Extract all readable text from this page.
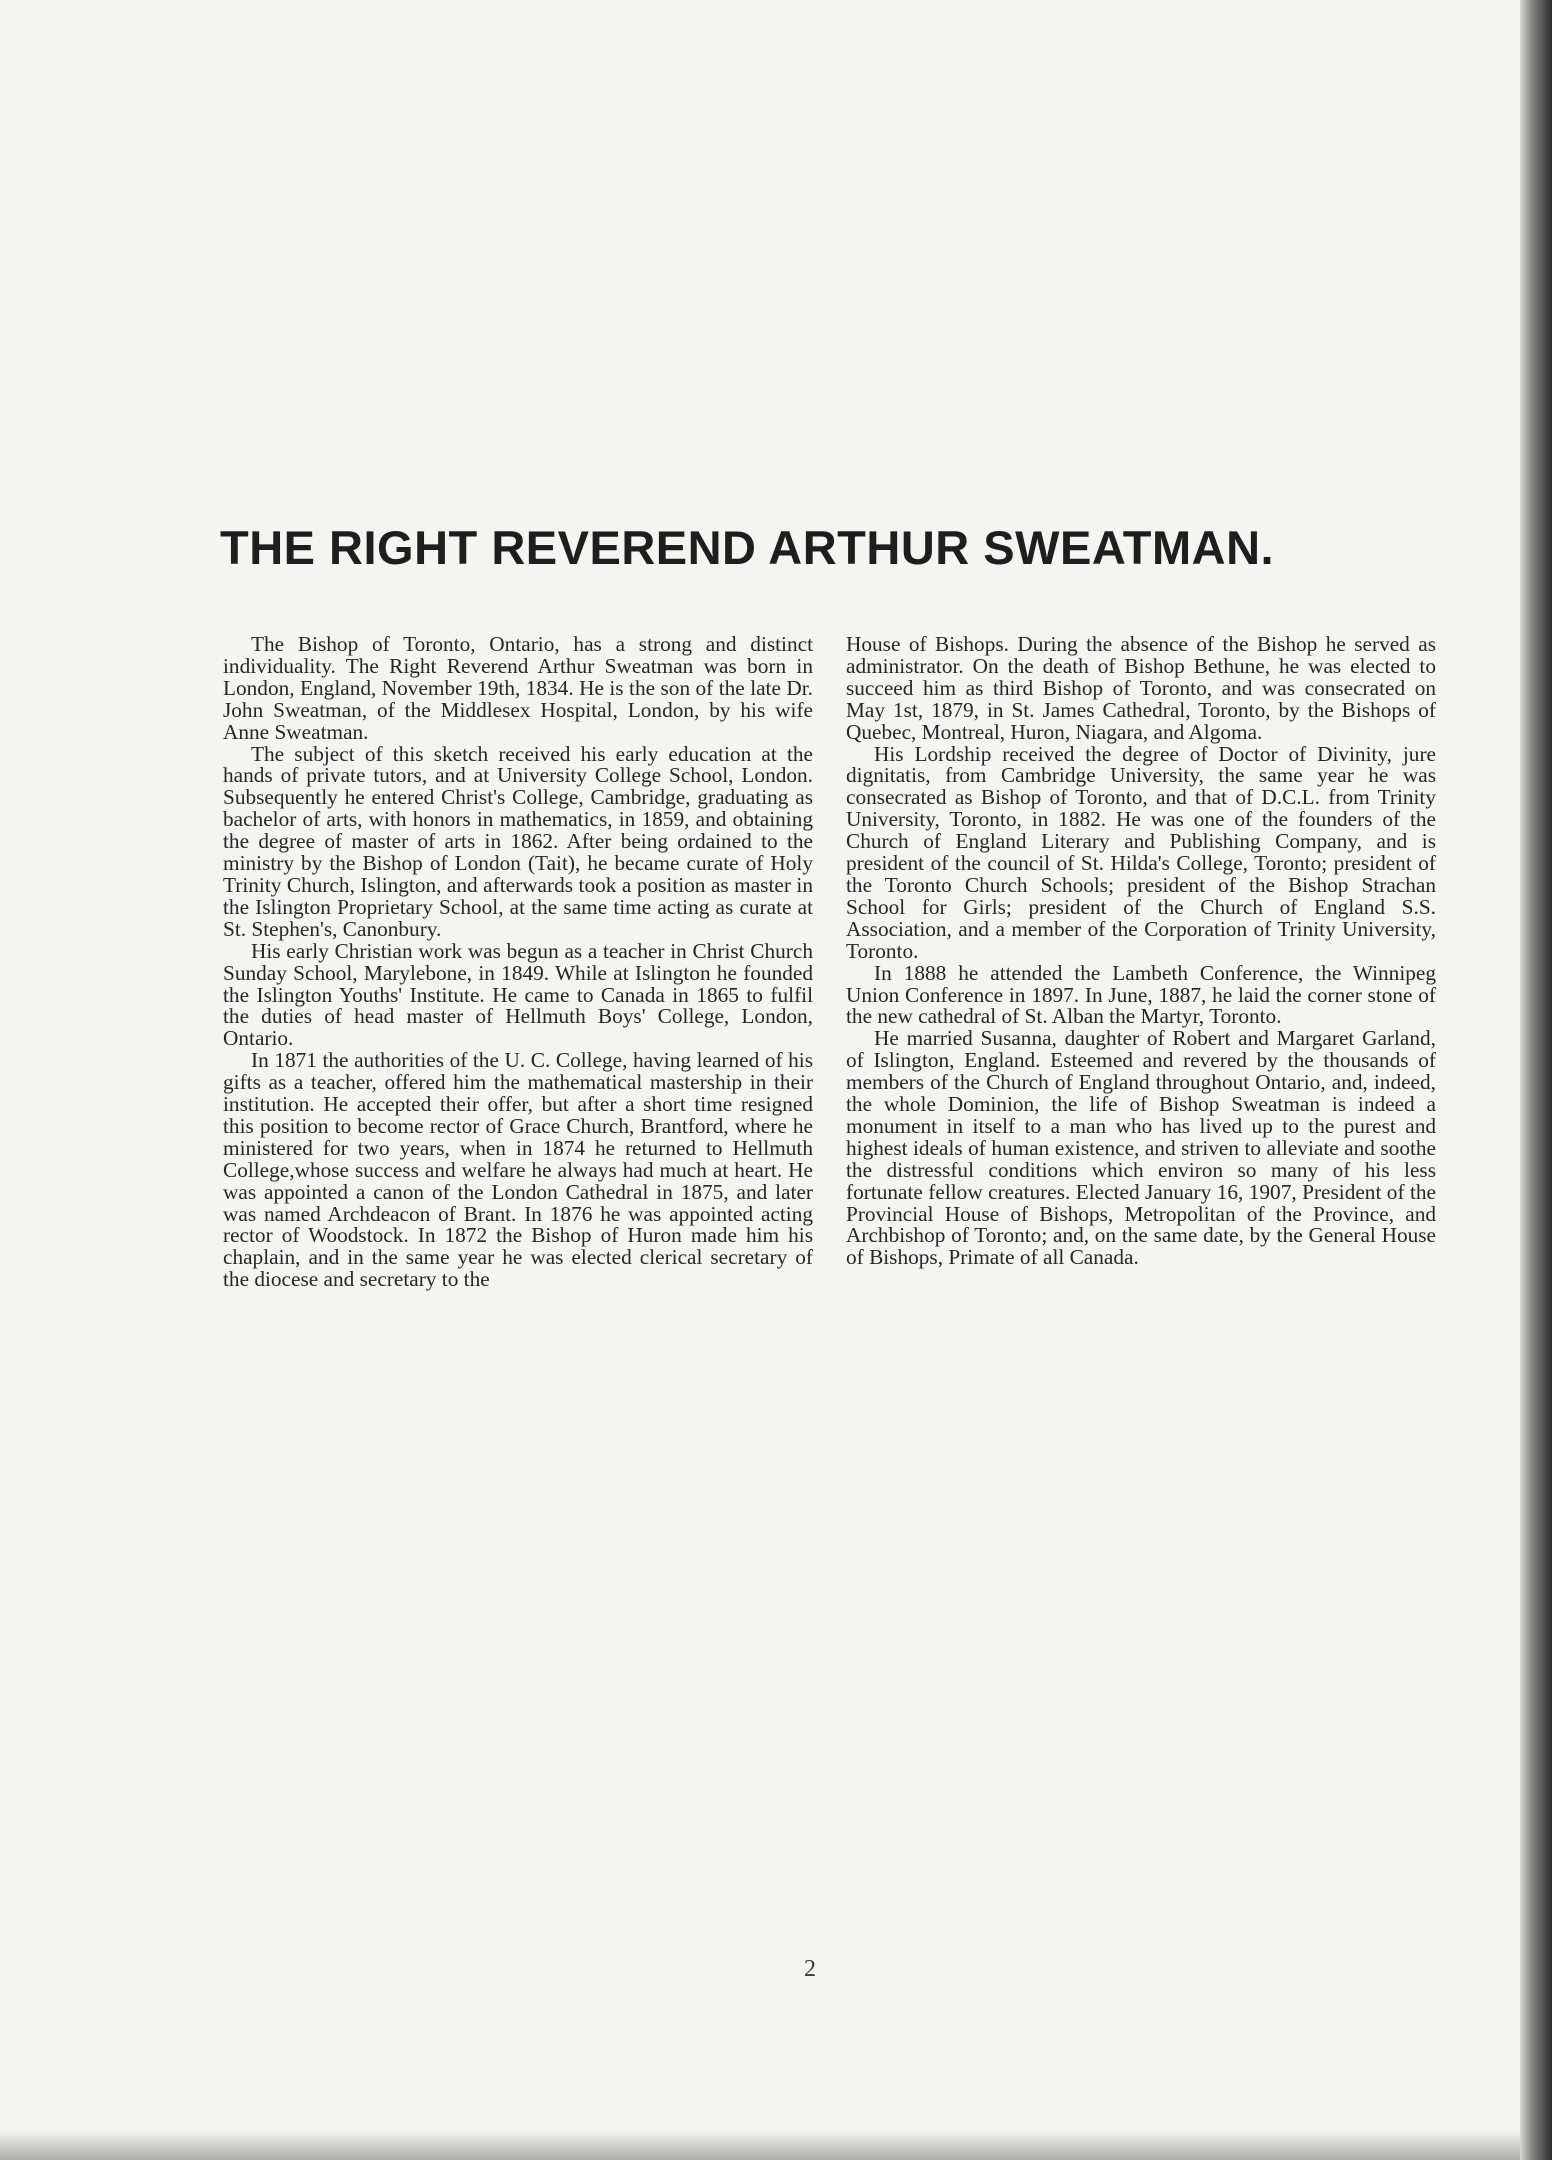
THE RIGHT REVEREND ARTHUR SWEATMAN.

The Bishop of Toronto, Ontario, has a strong and distinct individuality. The Right Reverend Arthur Sweatman was born in London, England, November 19th, 1834. He is the son of the late Dr. John Sweatman, of the Middlesex Hospital, London, by his wife Anne Sweatman.

The subject of this sketch received his early education at the hands of private tutors, and at University College School, London. Subsequently he entered Christ's College, Cambridge, graduating as bachelor of arts, with honors in mathematics, in 1859, and obtaining the degree of master of arts in 1862. After being ordained to the ministry by the Bishop of London (Tait), he became curate of Holy Trinity Church, Islington, and afterwards took a position as master in the Islington Proprietary School, at the same time acting as curate at St. Stephen's, Canonbury.

His early Christian work was begun as a teacher in Christ Church Sunday School, Marylebone, in 1849. While at Islington he founded the Islington Youths' Institute. He came to Canada in 1865 to fulfil the duties of head master of Hellmuth Boys' College, London, Ontario.

In 1871 the authorities of the U. C. College, having learned of his gifts as a teacher, offered him the mathematical mastership in their institution. He accepted their offer, but after a short time resigned this position to become rector of Grace Church, Brantford, where he ministered for two years, when in 1874 he returned to Hellmuth College,whose success and welfare he always had much at heart. He was appointed a canon of the London Cathedral in 1875, and later was named Archdeacon of Brant. In 1876 he was appointed acting rector of Woodstock. In 1872 the Bishop of Huron made him his chaplain, and in the same year he was elected clerical secretary of the diocese and secretary to the

House of Bishops. During the absence of the Bishop he served as administrator. On the death of Bishop Bethune, he was elected to succeed him as third Bishop of Toronto, and was consecrated on May 1st, 1879, in St. James Cathedral, Toronto, by the Bishops of Quebec, Montreal, Huron, Niagara, and Algoma.

His Lordship received the degree of Doctor of Divinity, jure dignitatis, from Cambridge University, the same year he was consecrated as Bishop of Toronto, and that of D.C.L. from Trinity University, Toronto, in 1882. He was one of the founders of the Church of England Literary and Publishing Company, and is president of the council of St. Hilda's College, Toronto; president of the Toronto Church Schools; president of the Bishop Strachan School for Girls; president of the Church of England S.S. Association, and a member of the Corporation of Trinity University, Toronto.

In 1888 he attended the Lambeth Conference, the Winnipeg Union Conference in 1897. In June, 1887, he laid the corner stone of the new cathedral of St. Alban the Martyr, Toronto.

He married Susanna, daughter of Robert and Margaret Garland, of Islington, England. Esteemed and revered by the thousands of members of the Church of England throughout Ontario, and, indeed, the whole Dominion, the life of Bishop Sweatman is indeed a monument in itself to a man who has lived up to the purest and highest ideals of human existence, and striven to alleviate and soothe the distressful conditions which environ so many of his less fortunate fellow creatures. Elected January 16, 1907, President of the Provincial House of Bishops, Metropolitan of the Province, and Archbishop of Toronto; and, on the same date, by the General House of Bishops, Primate of all Canada.

2
